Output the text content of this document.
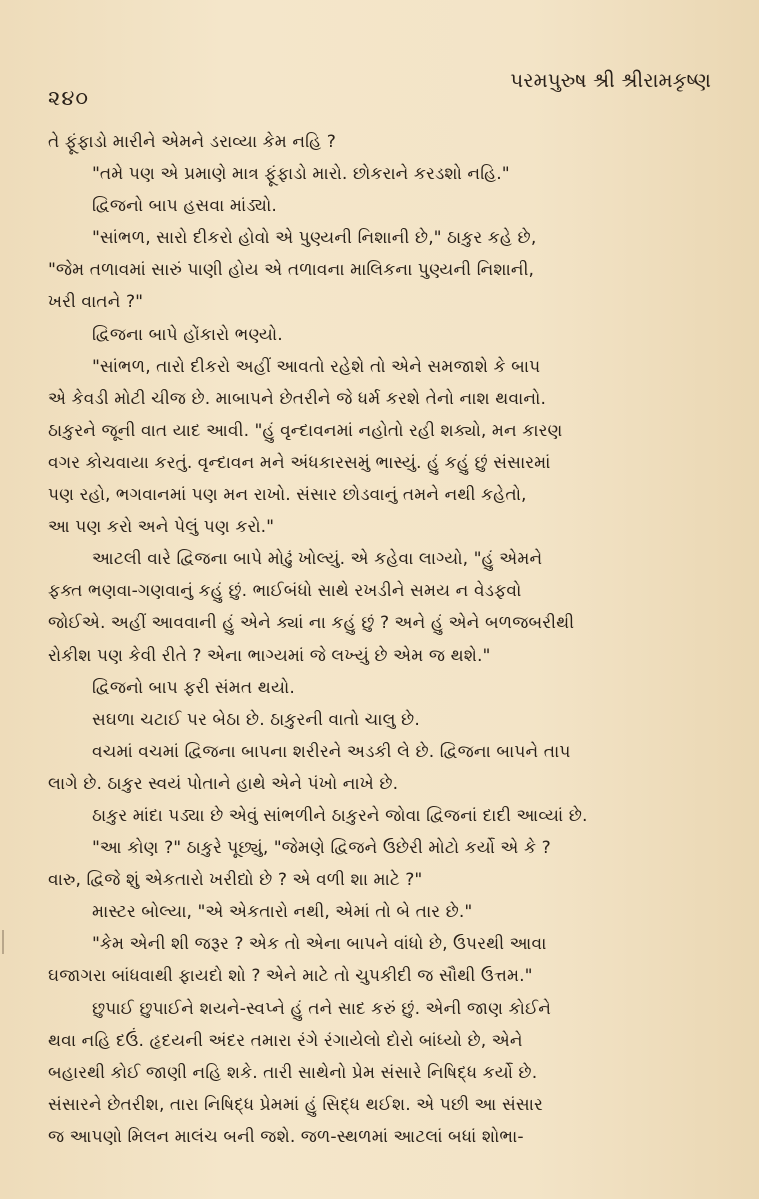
૨૪૦
પરમપુરુષ શ્રી શ્રીરામકૃષ્ણ
તે ફૂંફાડો મારીને એમને ડરાવ્યા કેમ નહિ ?
"તમે પણ એ પ્રમાણે માત્ર ફૂંફાડો મારો. છોકરાને કરડશો નહિ."
દ્વિજનો બાપ હસવા માંડ્યો.
"સાંભળ, સારો દીકરો હોવો એ પુણ્યની નિશાની છે," ઠાકુર કહે છે,
"જેમ તળાવમાં સારું પાણી હોય એ તળાવના માલિકના પુણ્યની નિશાની,
ખરી વાતને ?"
દ્વિજના બાપે હોંકારો ભણ્યો.
"સાંભળ, તારો દીકરો અહીં આવતો રહેશે તો એને સમજાશે કે બાપ
એ કેવડી મોટી ચીજ છે. માબાપને છેતરીને જે ધર્મ કરશે તેનો નાશ થવાનો.
ઠાકુરને જૂની વાત યાદ આવી. "હું વૃન્દાવનમાં નહોતો રહી શક્યો, મન કારણ
વગર કોચવાયા કરતું. વૃન્દાવન મને અંધકારસમું ભાસ્યું. હું કહું છું સંસારમાં
પણ રહો, ભગવાનમાં પણ મન રાખો. સંસાર છોડવાનું તમને નથી કહેતો,
આ પણ કરો અને પેલું પણ કરો."
આટલી વારે દ્વિજના બાપે મોઢું ખોલ્યું. એ કહેવા લાગ્યો, "હું એમને
ફક્ત ભણવા-ગણવાનું કહું છું. ભાઈબંધો સાથે રખડીને સમય ન વેડફવો
જોઈએ. અહીં આવવાની હું એને ક્યાં ના કહું છું ? અને હું એને બળજબરીથી
રોકીશ પણ કેવી રીતે ? એના ભાગ્યમાં જે લખ્યું છે એમ જ થશે."
દ્વિજનો બાપ ફરી સંમત થયો.
સઘળા ચટાઈ પર બેઠા છે. ઠાકુરની વાતો ચાલુ છે.
વચમાં વચમાં દ્વિજના બાપના શરીરને અડકી લે છે. દ્વિજના બાપને તાપ
લાગે છે. ઠાકુર સ્વયં પોતાને હાથે એને પંખો નાખે છે.
ઠાકુર માંદા પડ્યા છે એવું સાંભળીને ઠાકુરને જોવા દ્વિજનાં દાદી આવ્યાં છે.
"આ કોણ ?" ઠાકુરે પૂછ્યું, "જેમણે દ્વિજને ઉછેરી મોટો કર્યો એ કે ?
વારુ, દ્વિજે શું એકતારો ખરીદ્યો છે ? એ વળી શા માટે ?"
માસ્ટર બોલ્યા, "એ એકતારો નથી, એમાં તો બે તાર છે."
"કેમ એની શી જરૂર ? એક તો એના બાપને વાંધો છે, ઉપરથી આવા
ઘજાગરા બાંધવાથી ફાયદો શો ? એને માટે તો ચુપકીદી જ સૌથી ઉત્તમ."
છુપાઈ છુપાઈને શયને-સ્વપ્ને હું તને સાદ કરું છું. એની જાણ કોઈને
થવા નહિ દઉં. હૃદયની અંદર તમારા રંગે રંગાયેલો દોરો બાંધ્યો છે, એને
બહારથી કોઈ જાણી નહિ શકે. તારી સાથેનો પ્રેમ સંસારે નિષિદ્ધ કર્યો છે.
સંસારને છેતરીશ, તારા નિષિદ્ધ પ્રેમમાં હું સિદ્ધ થઈશ. એ પછી આ સંસાર
જ આપણો મિલન માલંચ બની જશે. જળ-સ્થળમાં આટલાં બધાં શોભા-
